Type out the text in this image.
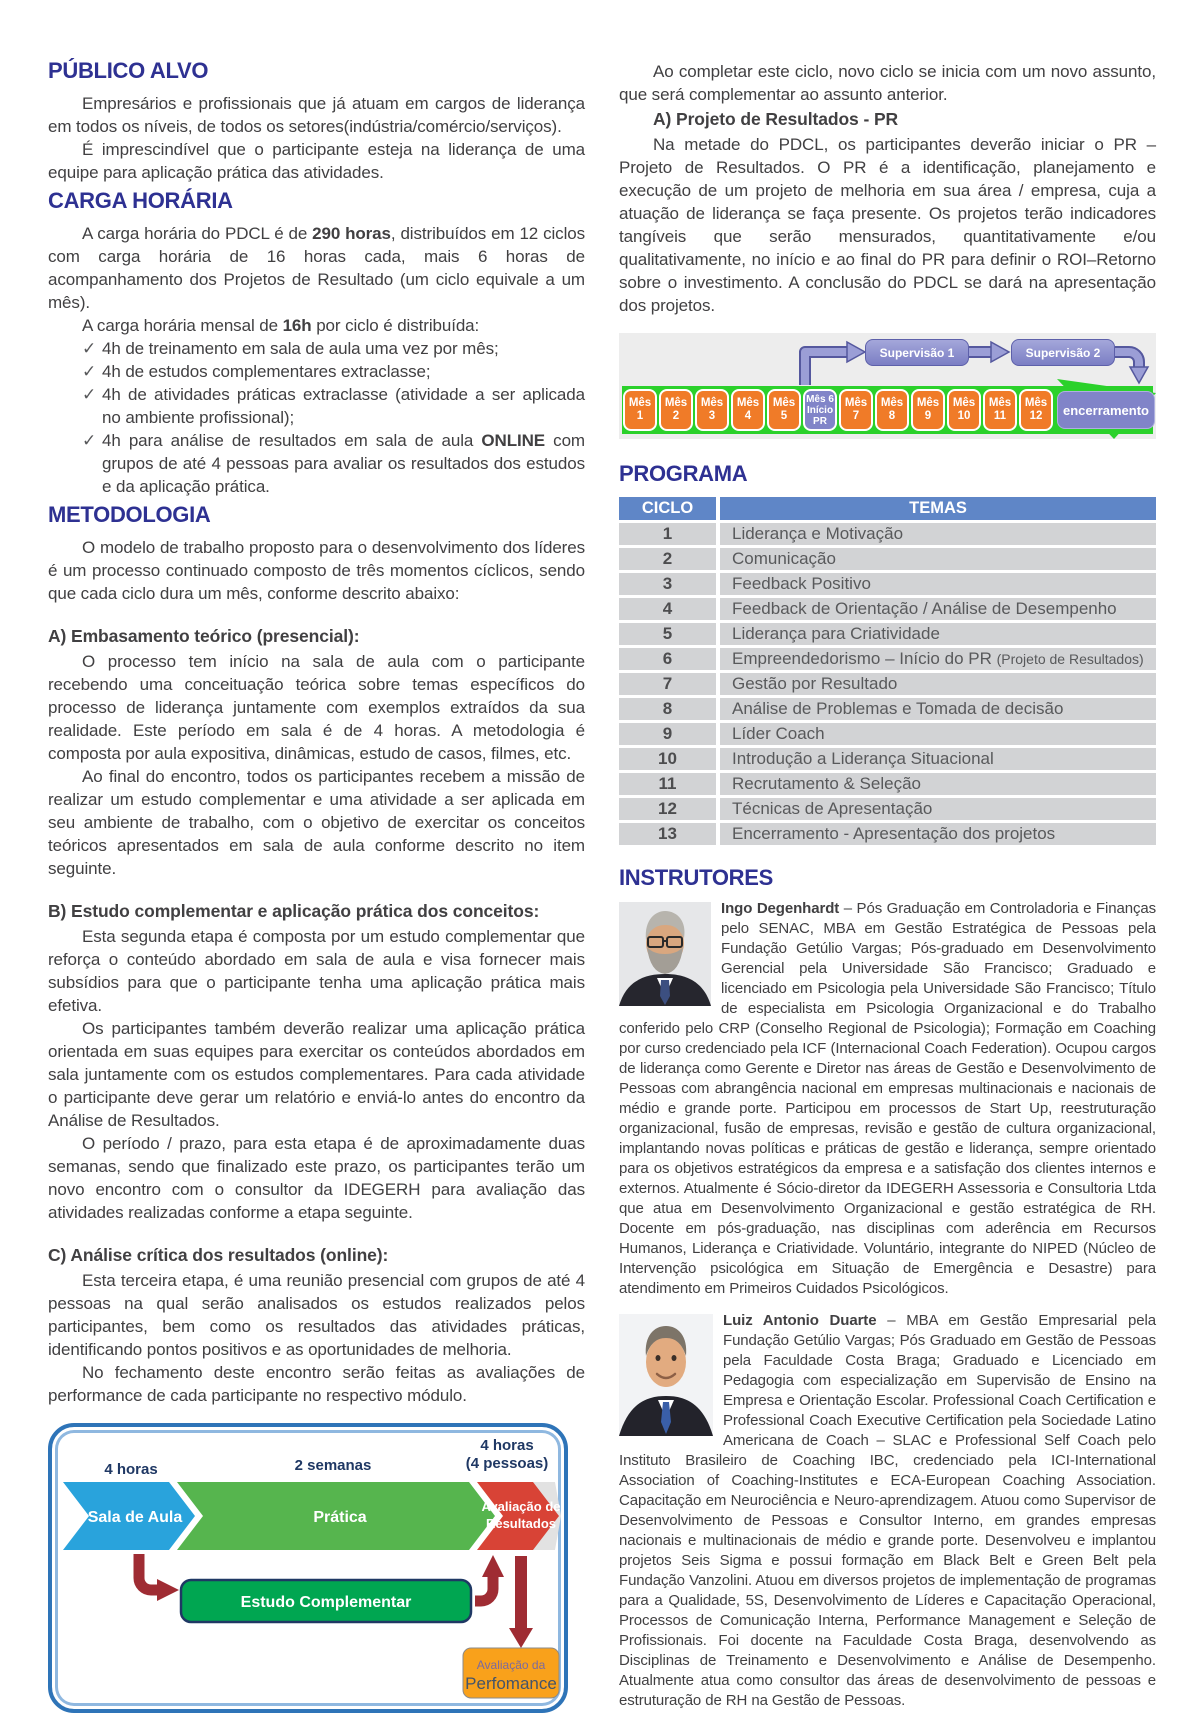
PÚBLICO ALVO

Empresários e profissionais que já atuam em cargos de liderança em todos os níveis, de todos os setores(indústria/comércio/serviços).

É imprescindível que o participante esteja na liderança de uma equipe para aplicação prática das atividades.

CARGA HORÁRIA

A carga horária do PDCL é de 290 horas, distribuídos em 12 ciclos com carga horária de 16 horas cada, mais 6 horas de acompanhamento dos Projetos de Resultado (um ciclo equivale a um mês).

A carga horária mensal de 16h por ciclo é distribuída:

✓ 4h de treinamento em sala de aula uma vez por mês;
✓ 4h de estudos complementares extraclasse;
✓ 4h de atividades práticas extraclasse (atividade a ser aplicada no ambiente profissional);
✓ 4h para análise de resultados em sala de aula ONLINE com grupos de até 4 pessoas para avaliar os resultados dos estudos e da aplicação prática.
METODOLOGIA

O modelo de trabalho proposto para o desenvolvimento dos líderes é um processo continuado composto de três momentos cíclicos, sendo que cada ciclo dura um mês, conforme descrito abaixo:

A) Embasamento teórico (presencial):

O processo tem início na sala de aula com o participante recebendo uma conceituação teórica sobre temas específicos do processo de liderança juntamente com exemplos extraídos da sua realidade. Este período em sala é de 4 horas. A metodologia é composta por aula expositiva, dinâmicas, estudo de casos, filmes, etc.

Ao final do encontro, todos os participantes recebem a missão de realizar um estudo complementar e uma atividade a ser aplicada em seu ambiente de trabalho, com o objetivo de exercitar os conceitos teóricos apresentados em sala de aula conforme descrito no item seguinte.

B) Estudo complementar e aplicação prática dos conceitos:

Esta segunda etapa é composta por um estudo complementar que reforça o conteúdo abordado em sala de aula e visa fornecer mais subsídios para que o participante tenha uma aplicação prática mais efetiva.

Os participantes também deverão realizar uma aplicação prática orientada em suas equipes para exercitar os conteúdos abordados em sala juntamente com os estudos complementares. Para cada atividade o participante deve gerar um relatório e enviá-lo antes do encontro da Análise de Resultados.

O período / prazo, para esta etapa é de aproximadamente duas semanas, sendo que finalizado este prazo, os participantes terão um novo encontro com o consultor da IDEGERH para avaliação das atividades realizadas conforme a etapa seguinte.

C) Análise crítica dos resultados (online):

Esta terceira etapa, é uma reunião presencial com grupos de até 4 pessoas na qual serão analisados os estudos realizados pelos participantes, bem como os resultados das atividades práticas, identificando pontos positivos e as oportunidades de melhoria.

No fechamento deste encontro serão feitas as avaliações de performance de cada participante no respectivo módulo.

4 horas	2 semanas
4 horas
(4 pessoas)
Sala de Aula	Prática
Avaliação de
Resultados
Estudo Complementar
Avaliação da
Perfomance

Ao completar este ciclo, novo ciclo se inicia com um novo assunto, que será complementar ao assunto anterior.

A) Projeto de Resultados - PR

Na metade do PDCL, os participantes deverão iniciar o PR – Projeto de Resultados. O PR é a identificação, planejamento e execução de um projeto de melhoria em sua área / empresa, cuja a atuação de liderança se faça presente. Os projetos terão indicadores tangíveis que serão mensurados, quantitativamente e/ou qualitativamente, no início e ao final do PR para definir o ROI–Retorno sobre o investimento. A conclusão do PDCL se dará na apresentação dos projetos.

Supervisão 1	Supervisão 2
Mês
1
Mês
2
Mês
3
Mês
4
Mês
5
Mês 6
Início
PR
Mês
7
Mês
8
Mês
9
Mês
10
Mês
11
Mês
12	encerramento
PROGRAMA
CICLO	TEMAS
1	Liderança e Motivação
2	Comunicação
3	Feedback Positivo
4	Feedback de Orientação / Análise de Desempenho
5	Liderança para Criatividade
6	Empreendedorismo – Início do PR (Projeto de Resultados)
7	Gestão por Resultado
8	Análise de Problemas e Tomada de decisão
9	Líder Coach
10	Introdução a Liderança Situacional
11	Recrutamento & Seleção
12	Técnicas de Apresentação
13	Encerramento - Apresentação dos projetos
INSTRUTORES
Ingo Degenhardt – Pós Graduação em Controladoria e Finanças pelo SENAC, MBA em Gestão Estratégica de Pessoas pela Fundação Getúlio Vargas; Pós-graduado em Desenvolvimento Gerencial pela Universidade São Francisco; Graduado e licenciado em Psicologia pela Universidade São Francisco; Título de especialista em Psicologia Organizacional e do Trabalho conferido pelo CRP (Conselho Regional de Psicologia); Formação em Coaching por curso credenciado pela ICF (Internacional Coach Federation). Ocupou cargos de liderança como Gerente e Diretor nas áreas de Gestão e Desenvolvimento de Pessoas com abrangência nacional em empresas multinacionais e nacionais de médio e grande porte. Participou em processos de Start Up, reestruturação organizacional, fusão de empresas, revisão e gestão de cultura organizacional, implantando novas políticas e práticas de gestão e liderança, sempre orientado para os objetivos estratégicos da empresa e a satisfação dos clientes internos e externos. Atualmente é Sócio-diretor da IDEGERH Assessoria e Consultoria Ltda que atua em Desenvolvimento Organizacional e gestão estratégica de RH. Docente em pós-graduação, nas disciplinas com aderência em Recursos Humanos, Liderança e Criatividade. Voluntário, integrante do NIPED (Núcleo de Intervenção psicológica em Situação de Emergência e Desastre) para atendimento em Primeiros Cuidados Psicológicos.
Luiz Antonio Duarte – MBA em Gestão Empresarial pela Fundação Getúlio Vargas; Pós Graduado em Gestão de Pessoas pela Faculdade Costa Braga; Graduado e Licenciado em Pedagogia com especialização em Supervisão de Ensino na Empresa e Orientação Escolar. Professional Coach Certification e Professional Coach Executive Certification pela Sociedade Latino Americana de Coach – SLAC e Professional Self Coach pelo Instituto Brasileiro de Coaching IBC, credenciado pela ICI-International Association of Coaching-Institutes e ECA-European Coaching Association. Capacitação em Neurociência e Neuro-aprendizagem. Atuou como Supervisor de Desenvolvimento de Pessoas e Consultor Interno, em grandes empresas nacionais e multinacionais de médio e grande porte. Desenvolveu e implantou projetos Seis Sigma e possui formação em Black Belt e Green Belt pela Fundação Vanzolini. Atuou em diversos projetos de implementação de programas para a Qualidade, 5S, Desenvolvimento de Líderes e Capacitação Operacional, Processos de Comunicação Interna, Performance Management e Seleção de Profissionais. Foi docente na Faculdade Costa Braga, desenvolvendo as Disciplinas de Treinamento e Desenvolvimento e Análise de Desempenho. Atualmente atua como consultor das áreas de desenvolvimento de pessoas e estruturação de RH na Gestão de Pessoas.
